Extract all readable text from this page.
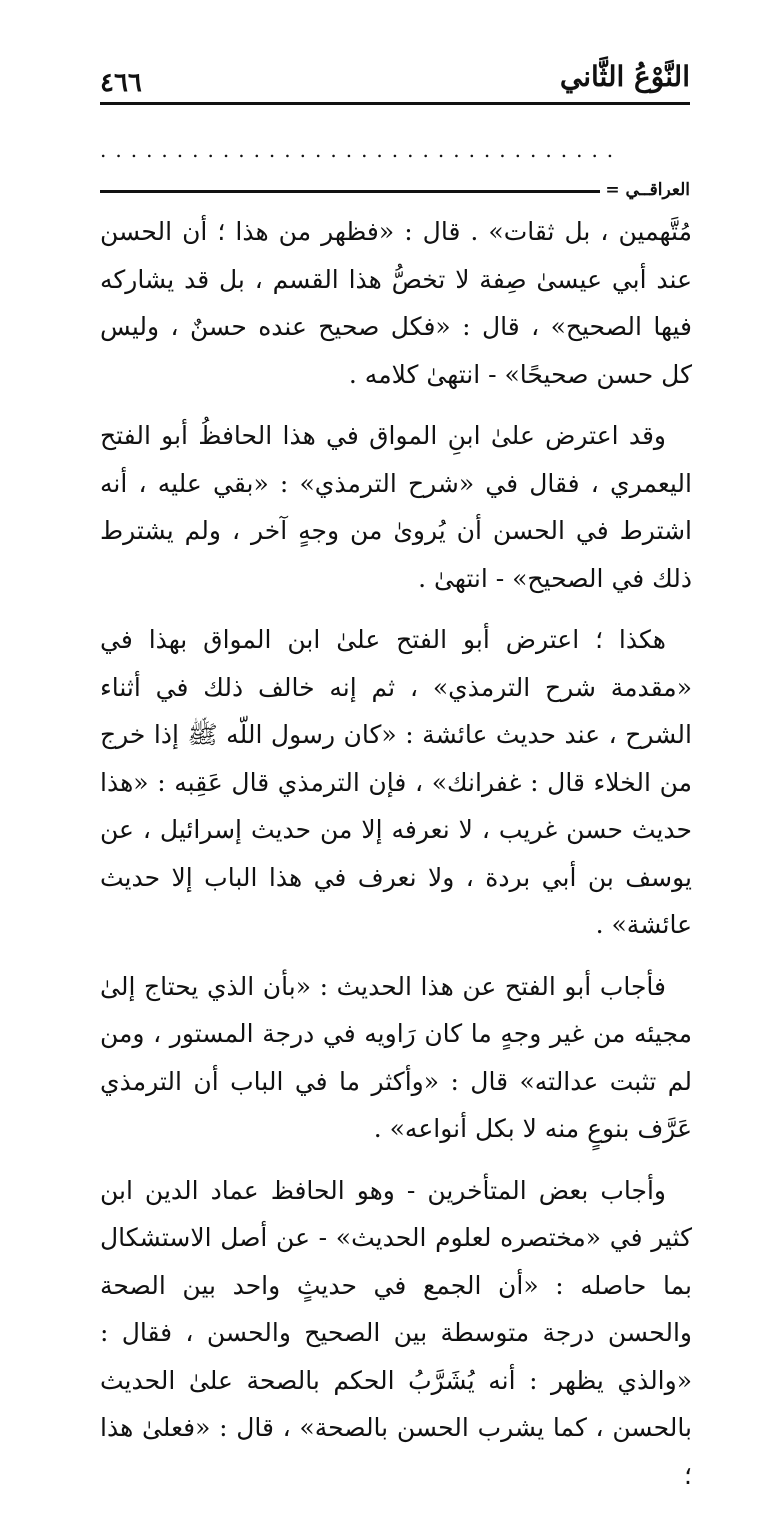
٤٦٦	النَّوْعُ الثَّاني
..................................
العراقــي =

مُتَّهمين ، بل ثقات» . قال : «فظهر من هذا ؛ أن الحسن عند أبي عيسىٰ صِفة لا تخصُّ هذا القسم ، بل قد يشاركه فيها الصحيح» ، قال : «فكل صحيح عنده حسنٌ ، وليس كل حسن صحيحًا» - انتهىٰ كلامه .

وقد اعترض علىٰ ابنِ المواق في هذا الحافظُ أبو الفتح اليعمري ، فقال في «شرح الترمذي» : «بقي عليه ، أنه اشترط في الحسن أن يُروىٰ من وجهٍ آخر ، ولم يشترط ذلك في الصحيح» - انتهىٰ .

هكذا ؛ اعترض أبو الفتح علىٰ ابن المواق بهذا في «مقدمة شرح الترمذي» ، ثم إنه خالف ذلك في أثناء الشرح ، عند حديث عائشة : «كان رسول اللّه ﷺ إذا خرج من الخلاء قال : غفرانك» ، فإن الترمذي قال عَقِبه : «هذا حديث حسن غريب ، لا نعرفه إلا من حديث إسرائيل ، عن يوسف بن أبي بردة ، ولا نعرف في هذا الباب إلا حديث عائشة» .

فأجاب أبو الفتح عن هذا الحديث : «بأن الذي يحتاج إلىٰ مجيئه من غير وجهٍ ما كان رَاويه في درجة المستور ، ومن لم تثبت عدالته» قال : «وأكثر ما في الباب أن الترمذي عَرَّف بنوعٍ منه لا بكل أنواعه» .

وأجاب بعض المتأخرين - وهو الحافظ عماد الدين ابن كثير في «مختصره لعلوم الحديث» - عن أصل الاستشكال بما حاصله : «أن الجمع في حديثٍ واحد بين الصحة والحسن درجة متوسطة بين الصحيح والحسن ، فقال : «والذي يظهر : أنه يُشَرَّبُ الحكم بالصحة علىٰ الحديث بالحسن ، كما يشرب الحسن بالصحة» ، قال : «فعلىٰ هذا ؛
